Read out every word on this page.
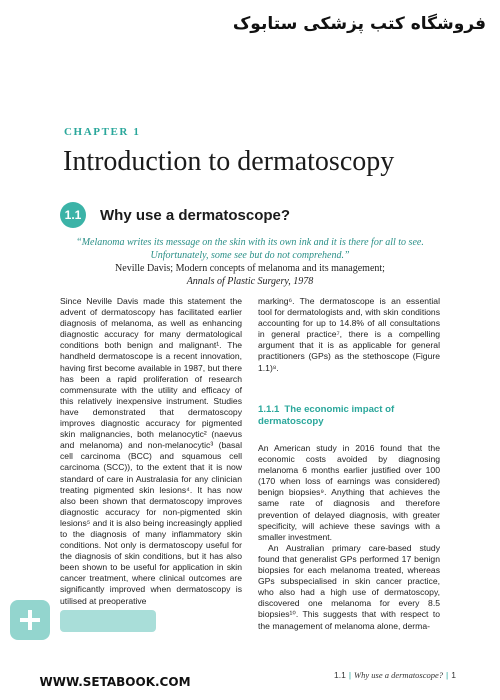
فروشگاه کتب پزشکی ستابوک
CHAPTER 1
Introduction to dermatoscopy
1.1	Why use a dermatoscope?
“Melanoma writes its message on the skin with its own ink and it is there for all to see. Unfortunately, some see but do not comprehend.”
Neville Davis; Modern concepts of melanoma and its management;
Annals of Plastic Surgery, 1978

Since Neville Davis made this statement the advent of dermatoscopy has facilitated earlier diagnosis of melanoma, as well as enhancing diagnostic accuracy for many dermatological conditions both benign and malignant¹. The handheld dermatoscope is a recent innovation, having first become available in 1987, but there has been a rapid proliferation of research commensurate with the utility and efficacy of this relatively inexpensive instrument. Studies have demonstrated that dermatoscopy improves diagnostic accuracy for pigmented skin malignancies, both melanocytic² (naevus and melanoma) and non-melanocytic³ (basal cell carcinoma (BCC) and squamous cell carcinoma (SCC)), to the extent that it is now standard of care in Australasia for any clinician treating pigmented skin lesions⁴. It has now also been shown that dermatoscopy improves diagnostic accuracy for non-pigmented skin lesions⁵ and it is also being increasingly applied to the diagnosis of many inflammatory skin conditions. Not only is dermatoscopy useful for the diagnosis of skin conditions, but it has also been shown to be useful for application in skin cancer treatment, where clinical outcomes are significantly improved when dermatoscopy is utilised at preoperative

marking⁶. The dermatoscope is an essential tool for dermatologists and, with skin conditions accounting for up to 14.8% of all consultations in general practice⁷, there is a compelling argument that it is as applicable for general practitioners (GPs) as the stethoscope (Figure 1.1)⁸.

1.1.1 The economic impact of dermatoscopy

An American study in 2016 found that the economic costs avoided by diagnosing melanoma 6 months earlier justified over 100 (170 when loss of earnings was considered) benign biopsies⁹. Anything that achieves the same rate of diagnosis and therefore prevention of delayed diagnosis, with greater specificity, will achieve these savings with a smaller investment.

An Australian primary care-based study found that generalist GPs performed 17 benign biopsies for each melanoma treated, whereas GPs subspecialised in skin cancer practice, who also had a high use of dermatoscopy, discovered one melanoma for every 8.5 biopsies¹⁰. This suggests that with respect to the management of melanoma alone, derma-

WWW.SETABOOK.COM	1.1 | Why use a dermatoscope? | 1
